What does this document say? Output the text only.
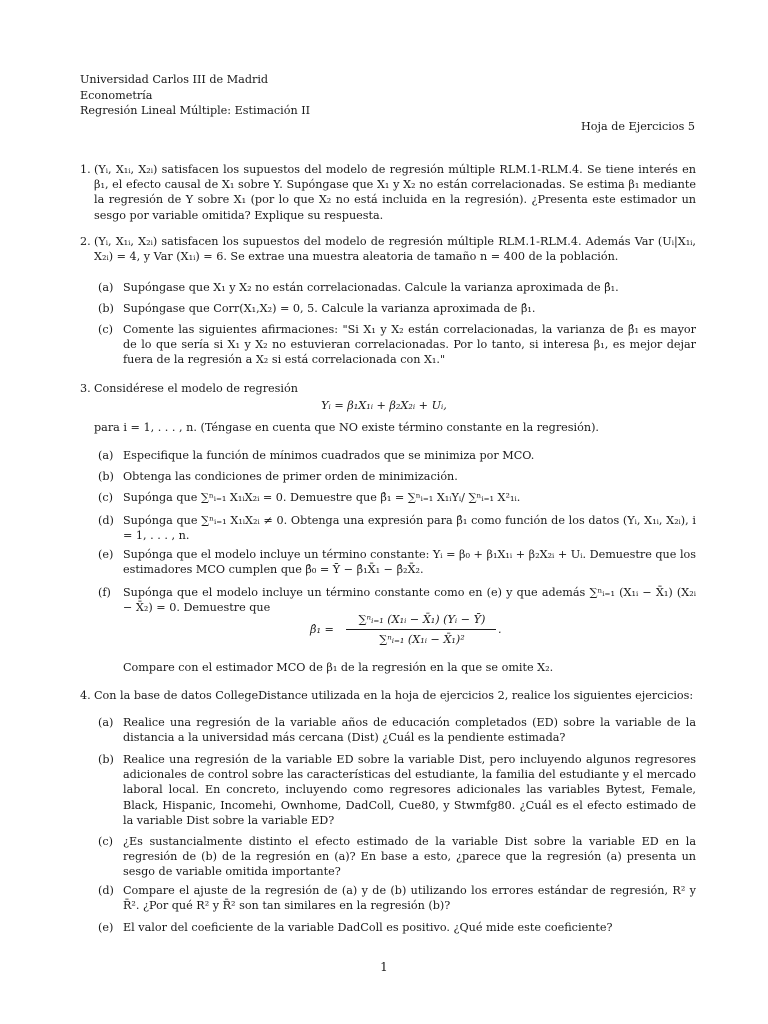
Universidad Carlos III de Madrid
Econometría
Regresión Lineal Múltiple: Estimación II
Hoja de Ejercicios 5
1. (Yᵢ, X₁ᵢ, X₂ᵢ) satisfacen los supuestos del modelo de regresión múltiple RLM.1-RLM.4. Se tiene interés en β₁, el efecto causal de X₁ sobre Y. Supóngase que X₁ y X₂ no están correlacionadas. Se estima β₁ mediante la regresión de Y sobre X₁ (por lo que X₂ no está incluida en la regresión). ¿Presenta este estimador un sesgo por variable omitida? Explique su respuesta.
2. (Yᵢ, X₁ᵢ, X₂ᵢ) satisfacen los supuestos del modelo de regresión múltiple RLM.1-RLM.4. Además Var (Uᵢ|X₁ᵢ, X₂ᵢ) = 4, y Var (X₁ᵢ) = 6. Se extrae una muestra aleatoria de tamaño n = 400 de la población.
(a) Supóngase que X₁ y X₂ no están correlacionadas. Calcule la varianza aproximada de β̂₁.
(b) Supóngase que Corr(X₁,X₂) = 0, 5. Calcule la varianza aproximada de β̂₁.
(c) Comente las siguientes afirmaciones: "Si X₁ y X₂ están correlacionadas, la varianza de β̂₁ es mayor de lo que sería si X₁ y X₂ no estuvieran correlacionadas. Por lo tanto, si interesa β₁, es mejor dejar fuera de la regresión a X₂ si está correlacionada con X₁."
3. Considérese el modelo de regresión
Yᵢ = β₁X₁ᵢ + β₂X₂ᵢ + Uᵢ,
para i = 1, . . . , n. (Téngase en cuenta que NO existe término constante en la regresión).
(a) Especifique la función de mínimos cuadrados que se minimiza por MCO.
(b) Obtenga las condiciones de primer orden de minimización.
(c) Supónga que ∑ⁿᵢ₌₁ X₁ᵢX₂ᵢ = 0. Demuestre que β̂₁ = ∑ⁿᵢ₌₁ X₁ᵢYᵢ/ ∑ⁿᵢ₌₁ X²₁ᵢ.
(d) Supónga que ∑ⁿᵢ₌₁ X₁ᵢX₂ᵢ ≠ 0. Obtenga una expresión para β̂₁ como función de los datos (Yᵢ, X₁ᵢ, X₂ᵢ), i = 1, . . . , n.
(e) Supónga que el modelo incluye un término constante: Yᵢ = β₀ + β₁X₁ᵢ + β₂X₂ᵢ + Uᵢ. Demuestre que los estimadores MCO cumplen que β̂₀ = Ȳ − β̂₁X̄₁ − β̂₂X̄₂.
(f) Supónga que el modelo incluye un término constante como en (e) y que además ∑ⁿᵢ₌₁ (X₁ᵢ − X̄₁) (X₂ᵢ − X̄₂) = 0. Demuestre que
β̂₁ =
∑ⁿᵢ₌₁ (X₁ᵢ − X̄₁) (Yᵢ − Ȳ)
∑ⁿᵢ₌₁ (X₁ᵢ − X̄₁)²
.
Compare con el estimador MCO de β₁ de la regresión en la que se omite X₂.
4. Con la base de datos CollegeDistance utilizada en la hoja de ejercicios 2, realice los siguientes ejercicios:
(a) Realice una regresión de la variable años de educación completados (ED) sobre la variable de la distancia a la universidad más cercana (Dist) ¿Cuál es la pendiente estimada?
(b) Realice una regresión de la variable ED sobre la variable Dist, pero incluyendo algunos regresores adicionales de control sobre las características del estudiante, la familia del estudiante y el mercado laboral local. En concreto, incluyendo como regresores adicionales las variables Bytest, Female, Black, Hispanic, Incomehi, Ownhome, DadColl, Cue80, y Stwmfg80. ¿Cuál es el efecto estimado de la variable Dist sobre la variable ED?
(c) ¿Es sustancialmente distinto el efecto estimado de la variable Dist sobre la variable ED en la regresión de (b) de la regresión en (a)? En base a esto, ¿parece que la regresión (a) presenta un sesgo de variable omitida importante?
(d) Compare el ajuste de la regresión de (a) y de (b) utilizando los errores estándar de regresión, R² y R̄². ¿Por qué R² y R̄² son tan similares en la regresión (b)?
(e) El valor del coeficiente de la variable DadColl es positivo. ¿Qué mide este coeficiente?
1
